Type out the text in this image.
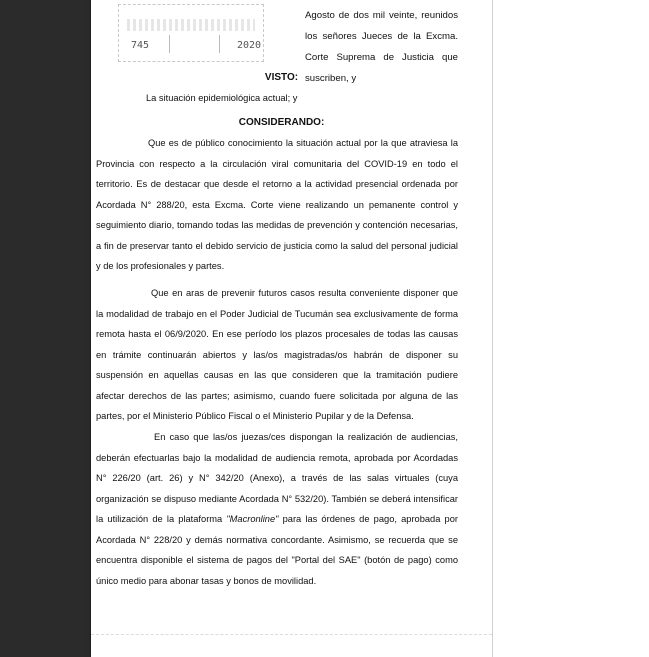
745	2020
Agosto de dos mil veinte, reunidos los señores Jueces de la Excma. Corte Suprema de Justicia que suscriben, y
VISTO:
La situación epidemiológica actual; y
CONSIDERANDO:
Que es de público conocimiento la situación actual por la que atraviesa la Provincia con respecto a la circulación viral comunitaria del COVID-19 en todo el territorio. Es de destacar que desde el retorno a la actividad presencial ordenada por Acordada N° 288/20, esta Excma. Corte viene realizando un pemanente control y seguimiento diario, tomando todas las medidas de prevención y contención necesarias, a fin de preservar tanto el debido servicio de justicia como la salud del personal judicial y de los profesionales y partes.
Que en aras de prevenir futuros casos resulta conveniente disponer que la modalidad de trabajo en el Poder Judicial de Tucumán sea exclusivamente de forma remota hasta el 06/9/2020. En ese período los plazos procesales de todas las causas en trámite continuarán abiertos y las/os magistradas/os habrán de disponer su suspensión en aquellas causas en las que consideren que la tramitación pudiere afectar derechos de las partes; asimismo, cuando fuere solicitada por alguna de las partes, por el Ministerio Público Fiscal o el Ministerio Pupilar y de la Defensa.
En caso que las/os juezas/ces dispongan la realización de audiencias, deberán efectuarlas bajo la modalidad de audiencia remota, aprobada por Acordadas N° 226/20 (art. 26) y N° 342/20 (Anexo), a través de las salas virtuales (cuya organización se dispuso mediante Acordada N° 532/20). También se deberá intensificar la utilización de la plataforma "Macronline" para las órdenes de pago, aprobada por Acordada N° 228/20 y demás normativa concordante. Asimismo, se recuerda que se encuentra disponible el sistema de pagos del "Portal del SAE" (botón de pago) como único medio para abonar tasas y bonos de movilidad.
